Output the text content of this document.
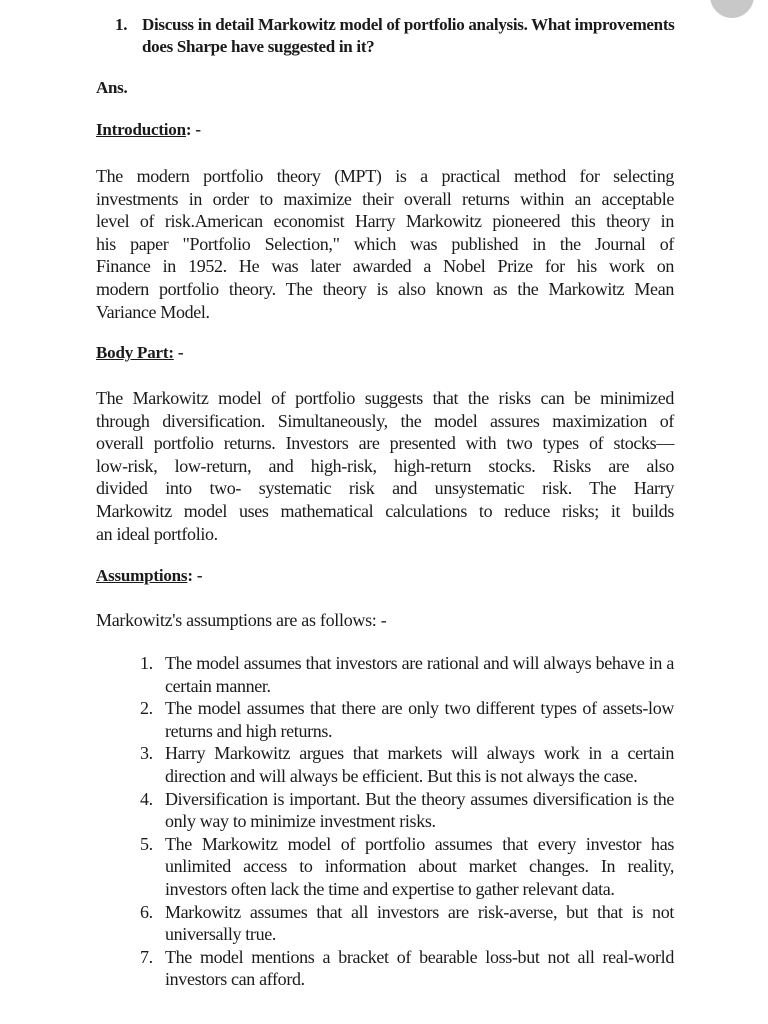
1. Discuss in detail Markowitz model of portfolio analysis. What improvements does Sharpe have suggested in it?
Ans.
Introduction: -
The modern portfolio theory (MPT) is a practical method for selecting
investments in order to maximize their overall returns within an acceptable
level of risk.American economist Harry Markowitz pioneered this theory in
his paper "Portfolio Selection," which was published in the Journal of
Finance in 1952. He was later awarded a Nobel Prize for his work on
modern portfolio theory. The theory is also known as the Markowitz Mean
Variance Model.
Body Part: -
The Markowitz model of portfolio suggests that the risks can be minimized
through diversification. Simultaneously, the model assures maximization of
overall portfolio returns. Investors are presented with two types of stocks—
low-risk, low-return, and high-risk, high-return stocks. Risks are also
divided into two- systematic risk and unsystematic risk. The Harry
Markowitz model uses mathematical calculations to reduce risks; it builds
an ideal portfolio.
Assumptions: -
Markowitz's assumptions are as follows: -
1. The model assumes that investors are rational and will always behave in a certain manner.
2. The model assumes that there are only two different types of assets-low returns and high returns.
3. Harry Markowitz argues that markets will always work in a certain direction and will always be efficient. But this is not always the case.
4. Diversification is important. But the theory assumes diversification is the only way to minimize investment risks.
5. The Markowitz model of portfolio assumes that every investor has unlimited access to information about market changes. In reality, investors often lack the time and expertise to gather relevant data.
6. Markowitz assumes that all investors are risk-averse, but that is not universally true.
7. The model mentions a bracket of bearable loss-but not all real-world investors can afford.
